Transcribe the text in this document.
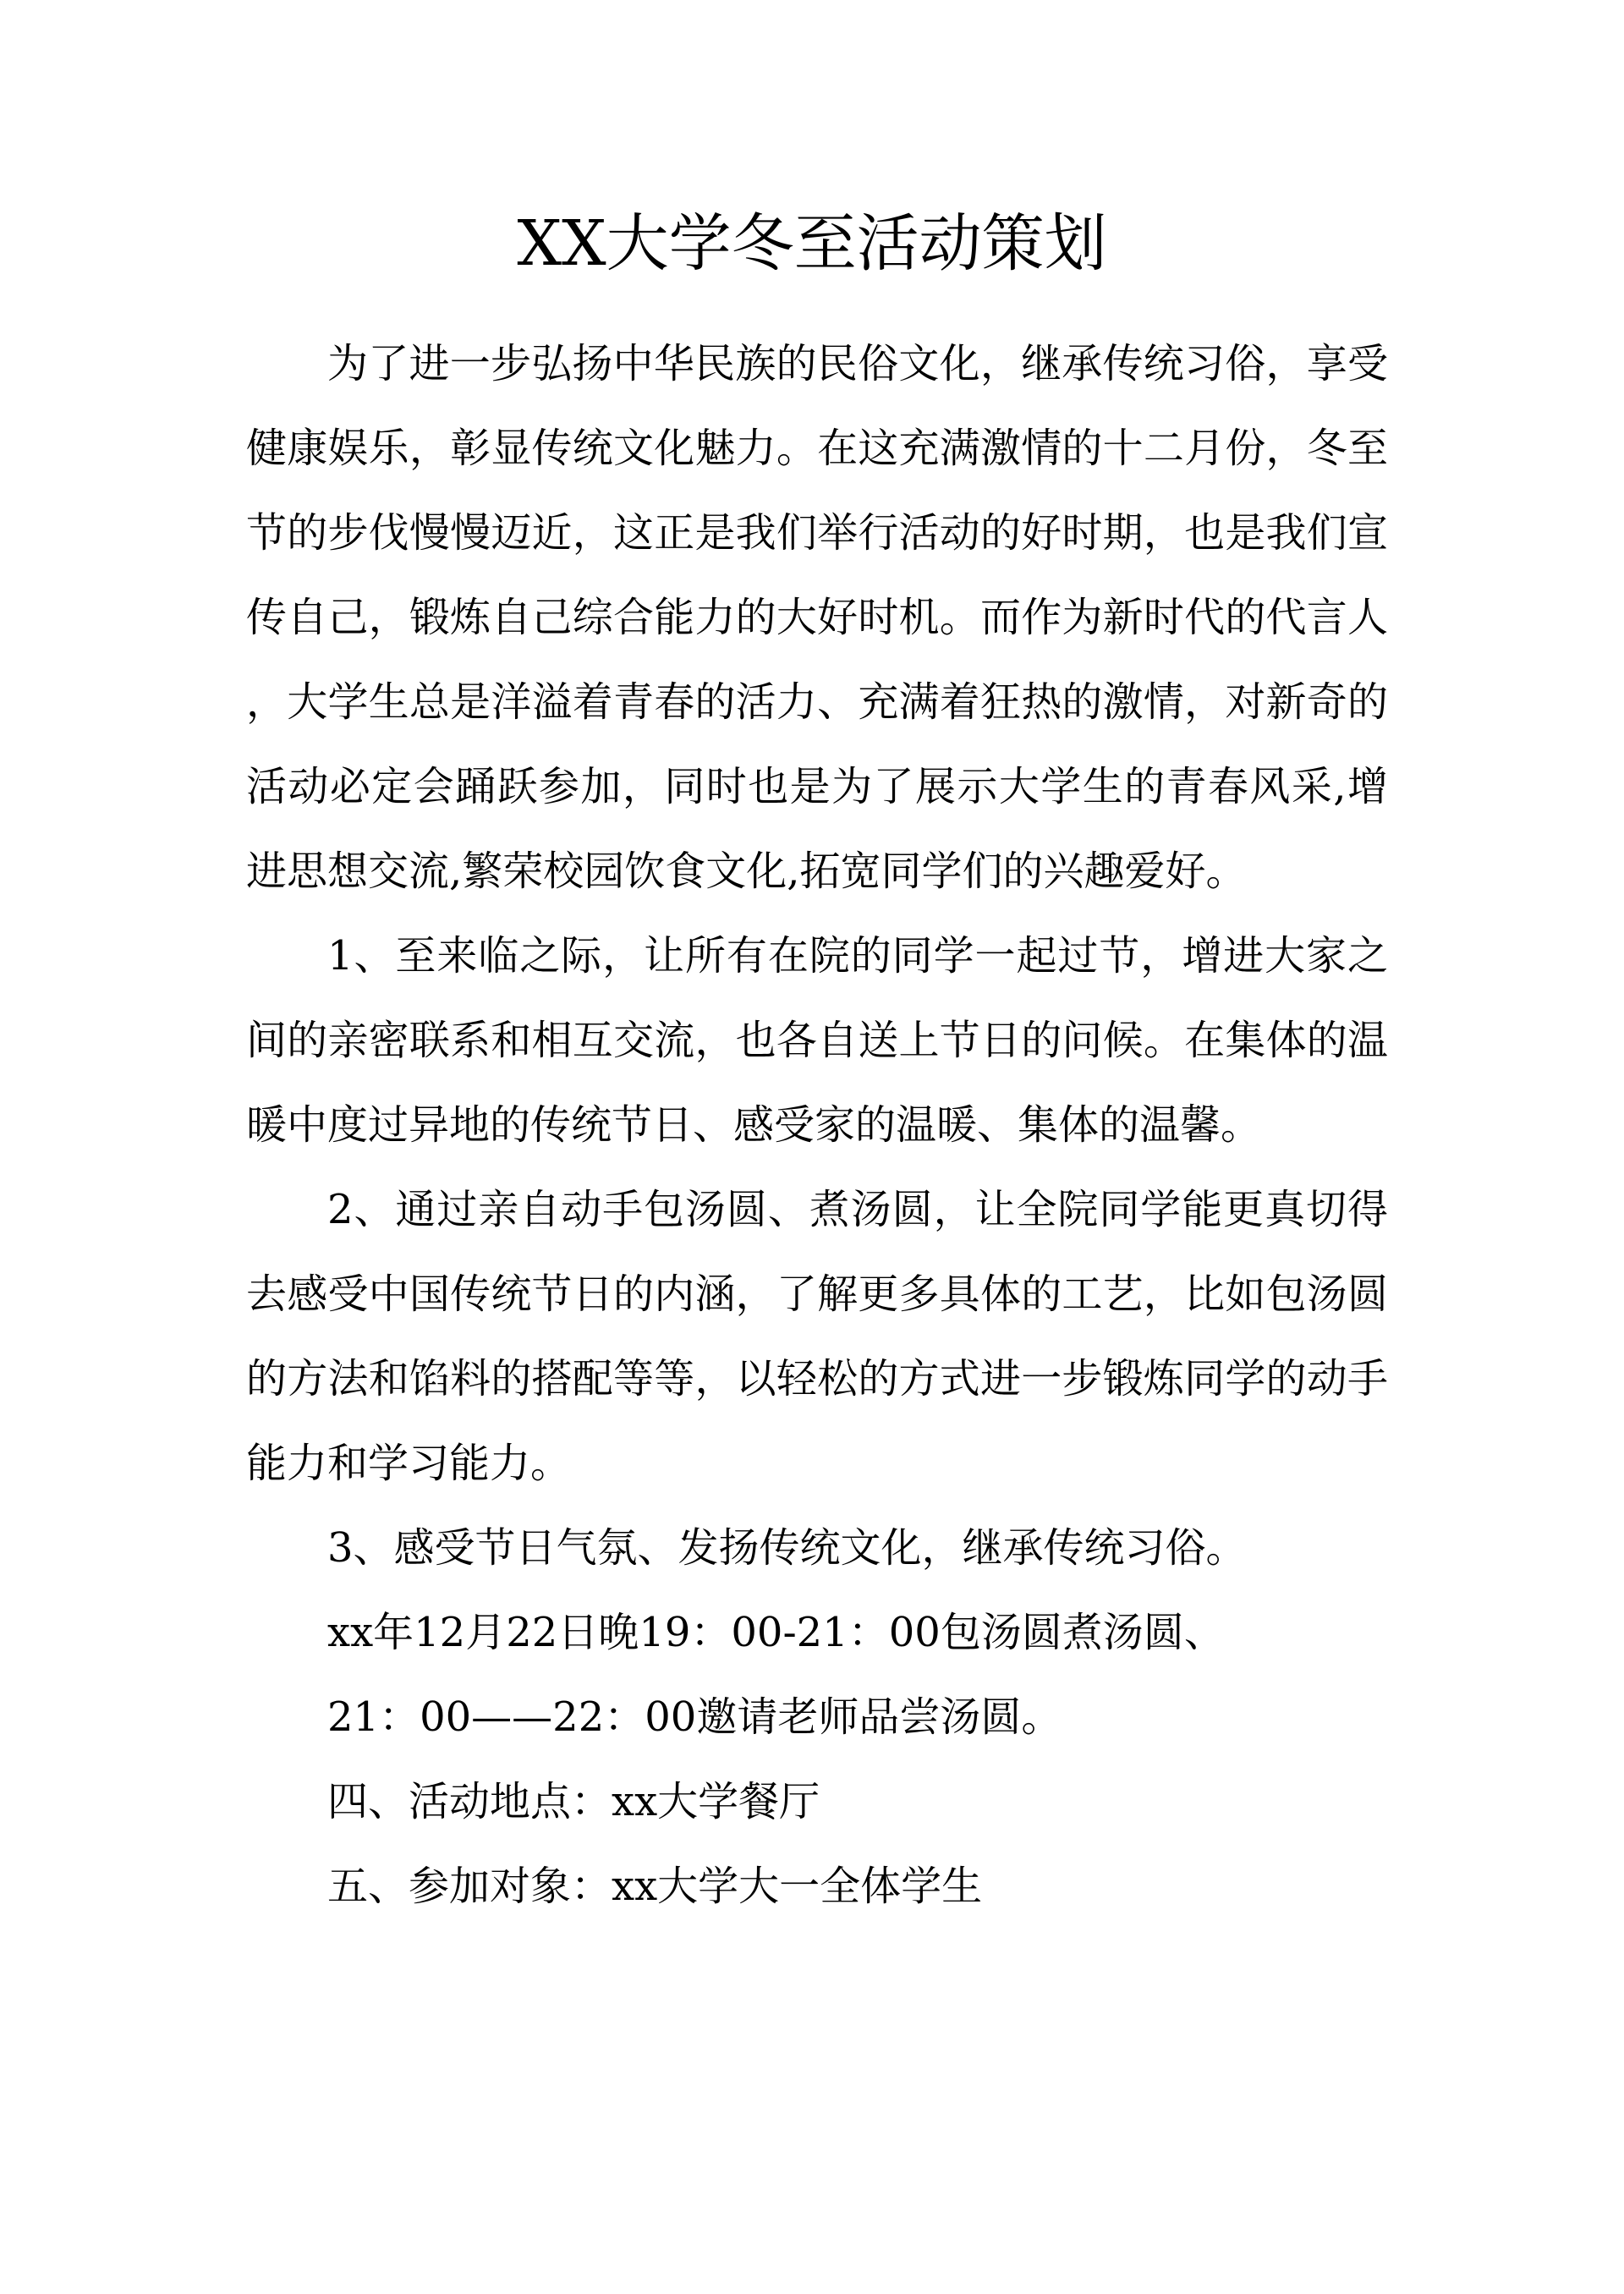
XX大学冬至活动策划

为了进一步弘扬中华民族的民俗文化，继承传统习俗，享受健康娱乐，彰显传统文化魅力。在这充满激情的十二月份，冬至节的步伐慢慢迈近，这正是我们举行活动的好时期，也是我们宣传自己，锻炼自己综合能力的大好时机。而作为新时代的代言人，大学生总是洋溢着青春的活力、充满着狂热的激情，对新奇的活动必定会踊跃参加，同时也是为了展示大学生的青春风采,增进思想交流,繁荣校园饮食文化,拓宽同学们的兴趣爱好。

1、至来临之际，让所有在院的同学一起过节，增进大家之间的亲密联系和相互交流，也各自送上节日的问候。在集体的温暖中度过异地的传统节日、感受家的温暖、集体的温馨。

2、通过亲自动手包汤圆、煮汤圆，让全院同学能更真切得去感受中国传统节日的内涵，了解更多具体的工艺，比如包汤圆的方法和馅料的搭配等等，以轻松的方式进一步锻炼同学的动手能力和学习能力。

3、感受节日气氛、发扬传统文化，继承传统习俗。

xx年12月22日晚19：00-21：00包汤圆煮汤圆、

21：00——22：00邀请老师品尝汤圆。

四、活动地点：xx大学餐厅

五、参加对象：xx大学大一全体学生
